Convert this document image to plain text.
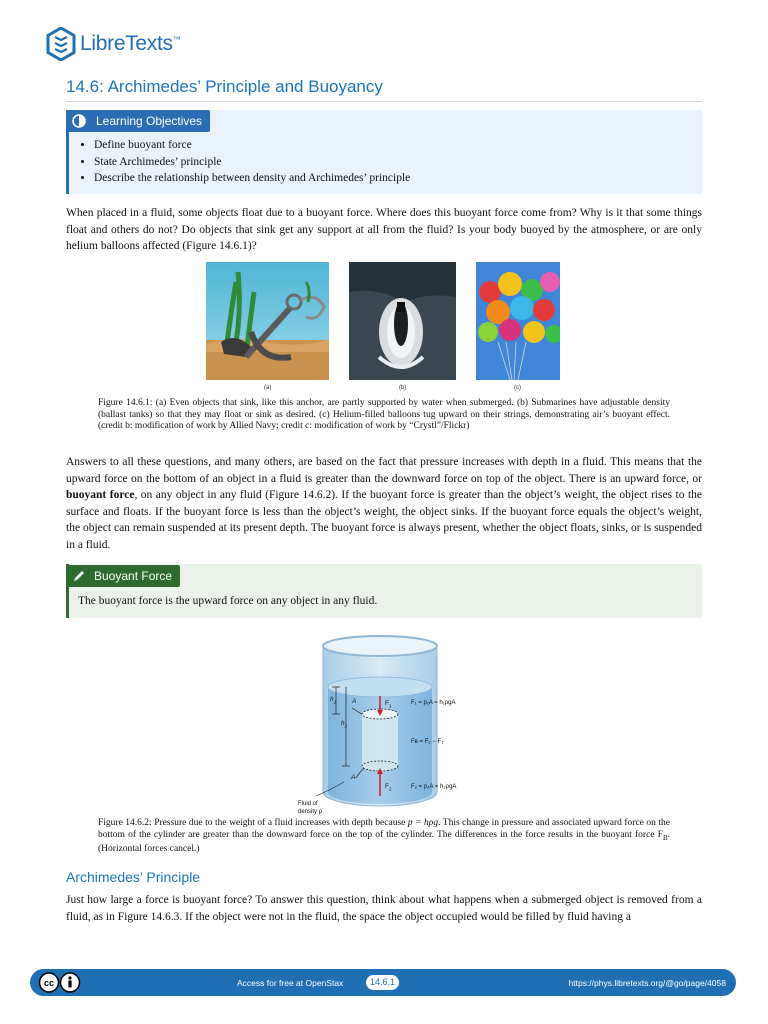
LibreTexts™
14.6: Archimedes’ Principle and Buoyancy
Learning Objectives
• Define buoyant force
• State Archimedes’ principle
• Describe the relationship between density and Archimedes’ principle

When placed in a fluid, some objects float due to a buoyant force. Where does this buoyant force come from? Why is it that some things float and others do not? Do objects that sink get any support at all from the fluid? Is your body buoyed by the atmosphere, or are only helium balloons affected (Figure 14.6.1)?

(a)	(b)	(c)

Figure 14.6.1: (a) Even objects that sink, like this anchor, are partly supported by water when submerged. (b) Submarines have adjustable density (ballast tanks) so that they may float or sink as desired. (c) Helium-filled balloons tug upward on their strings, demonstrating air’s buoyant effect. (credit b: modification of work by Allied Navy; credit c: modification of work by “Crystl”/Flickr)

Answers to all these questions, and many others, are based on the fact that pressure increases with depth in a fluid. This means that the upward force on the bottom of an object in a fluid is greater than the downward force on top of the object. There is an upward force, or buoyant force, on any object in any fluid (Figure 14.6.2). If the buoyant force is greater than the object’s weight, the object rises to the surface and floats. If the buoyant force is less than the object’s weight, the object sinks. If the buoyant force equals the object’s weight, the object can remain suspended at its present depth. The buoyant force is always present, whether the object floats, sinks, or is suspended in a fluid.

Buoyant Force

The buoyant force is the upward force on any object in any fluid.

$h_1$
$h_2$
A
A
$F_1$
$F_2$
F₁ = p₁A = h₁ρgA
Fʙ = F₂ − F₁
F₂ = p₂A = h₂ρgA
Fluid of
density ρ

Figure 14.6.2: Pressure due to the weight of a fluid increases with depth because p = hρg. This change in pressure and associated upward force on the bottom of the cylinder are greater than the downward force on the top of the cylinder. The differences in the force results in the buoyant force $F_B$. (Horizontal forces cancel.)

Archimedes’ Principle

Just how large a force is buoyant force? To answer this question, think about what happens when a submerged object is removed from a fluid, as in Figure 14.6.3. If the object were not in the fluid, the space the object occupied would be filled by fluid having a

cc	Access for free at OpenStax	14.6.1	https://phys.libretexts.org/@go/page/4058
